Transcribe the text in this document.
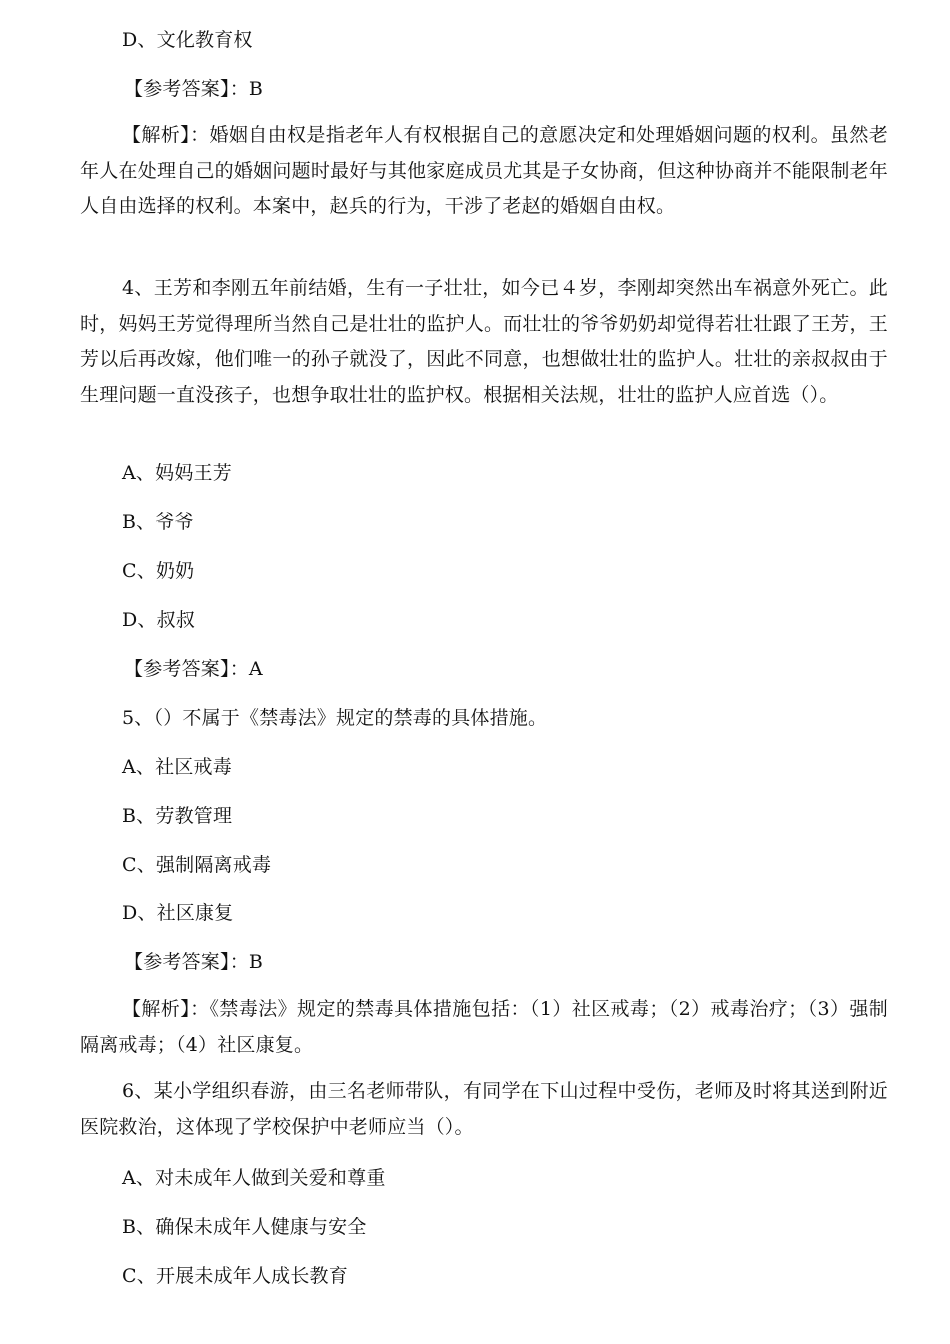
D、文化教育权
【参考答案】：B
【解析】：婚姻自由权是指老年人有权根据自己的意愿决定和处理婚姻问题的权利。虽然老年人在处理自己的婚姻问题时最好与其他家庭成员尤其是子女协商，但这种协商并不能限制老年人自由选择的权利。本案中，赵兵的行为，干涉了老赵的婚姻自由权。
4、王芳和李刚五年前结婚，生有一子壮壮，如今已４岁，李刚却突然出车祸意外死亡。此时，妈妈王芳觉得理所当然自己是壮壮的监护人。而壮壮的爷爷奶奶却觉得若壮壮跟了王芳，王芳以后再改嫁，他们唯一的孙子就没了，因此不同意，也想做壮壮的监护人。壮壮的亲叔叔由于生理问题一直没孩子，也想争取壮壮的监护权。根据相关法规，壮壮的监护人应首选（）。
A、妈妈王芳
B、爷爷
C、奶奶
D、叔叔
【参考答案】：A
5、（）不属于《禁毒法》规定的禁毒的具体措施。
A、社区戒毒
B、劳教管理
C、强制隔离戒毒
D、社区康复
【参考答案】：B
【解析】：《禁毒法》规定的禁毒具体措施包括：（1）社区戒毒；（2）戒毒治疗；（3）强制隔离戒毒；（4）社区康复。
6、某小学组织春游，由三名老师带队，有同学在下山过程中受伤，老师及时将其送到附近医院救治，这体现了学校保护中老师应当（）。
A、对未成年人做到关爱和尊重
B、确保未成年人健康与安全
C、开展未成年人成长教育
